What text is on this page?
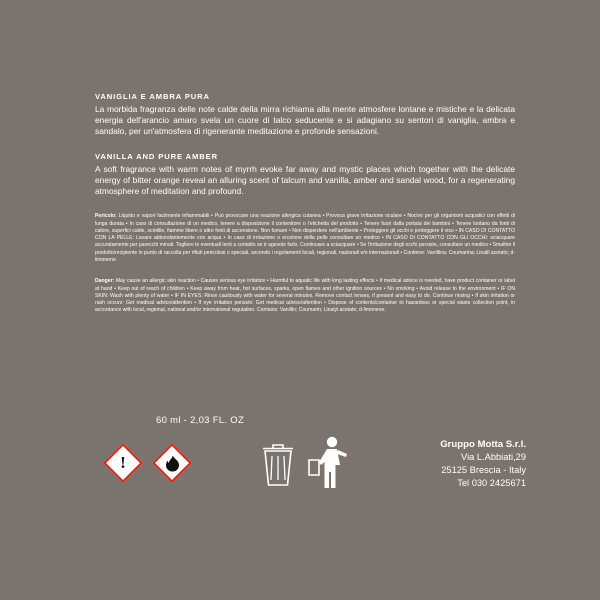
VANIGLIA E AMBRA PURA

La morbida fragranza delle note calde della mirra richiama alla mente atmosfere lontane e mistiche e la delicata energia dell'arancio amaro svela un cuore di talco seducente e si adagiano su sentori di vaniglia, ambra e sandalo, per un'atmosfera di rigenerante meditazione e profonde sensazioni.

VANILLA AND PURE AMBER

A soft fragrance with warm notes of myrrh evoke far away and mystic places which together with the delicate energy of bitter orange reveal an alluring scent of talcum and vanilla, amber and sandal wood, for a regenerating atmosphere of meditation and profound.

Pericolo: Liquido e vapori facilmente infiammabili • Può provocare una reazione allergica cutanea • Provoca grave irritazione oculare • Nocivo per gli organismi acquatici con effetti di lunga durata • In caso di consultazione di un medico, tenere a disposizione il contenitore o l'etichetta del prodotto • Tenere fuori dalla portata dei bambini • Tenere lontano da fonti di calore, superfici calde, scintille, fiamme libere o altre fonti di accensione. Non fumare • Non disperdere nell'ambiente • Proteggere gli occhi e proteggere il viso • IN CASO DI CONTATTO CON LA PELLE: Lavare abbondantemente con acqua • In caso di irritazione o eruzione della pelle consultare un medico • IN CASO DI CONTATTO CON GLI OCCHI: sciacquare accuratamente per parecchi minuti. Togliere le eventuali lenti a contatto se è agevole farlo. Continuare a sciacquare • Se l'irritazione degli occhi persiste, consultare un medico • Smaltire il prodotto/recipiente in punto di raccolta per rifiuti pericolosi o speciali, secondo i regolamenti locali, regionali, nazionali e/o internazionali • Contiene: Vanillina; Coumarina; Linalil acetato; d-limonene.

Danger: May cause an allergic skin reaction • Causes serious eye irritation • Harmful to aquatic life with long lasting effects • If medical advice is needed, have product container or label at hand • Keep out of reach of children • Keep away from heat, hot surfaces, sparks, open flames and other ignition sources • No smoking • Avoid release to the environment • IF ON SKIN: Wash with plenty of water • IF IN EYES: Rinse cautiously with water for several minutes. Remove contact lenses, if present and easy to do. Continue rinsing • If skin irritation or rash occurs: Get medical advice/attention • If eye irritation persists: Get medical advice/attention • Dispose of contents/container to hazardous or special waste collection point, in accordance with local, regional, national and/or international regulation. Contains: Vanillin; Coumarin; Linalyl acetate; d-limonene.

60 ml - 2,03 FL. OZ
!
Gruppo Motta S.r.l.
Via L.Abbiati,29
25125 Brescia - Italy
Tel 030 2425671
